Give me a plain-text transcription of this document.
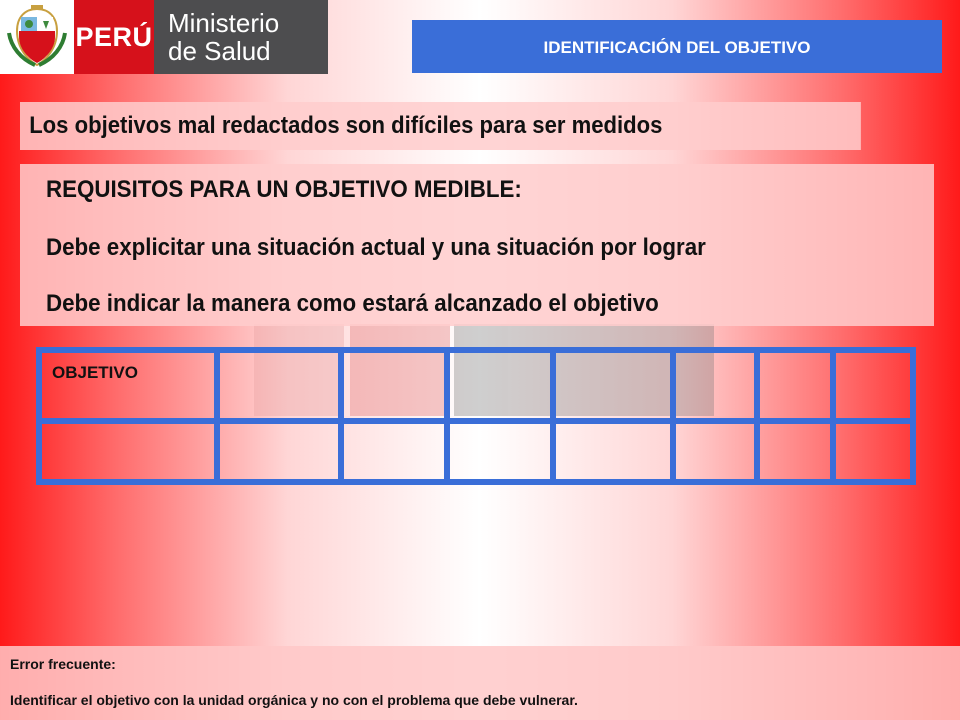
PERÚ Ministerio
de Salud	IDENTIFICACIÓN DEL OBJETIVO
Los objetivos mal redactados son difíciles para ser medidos
REQUISITOS PARA UN OBJETIVO MEDIBLE:
Debe explicitar una situación actual y una situación por lograr
Debe indicar la manera como estará alcanzado el objetivo
OBJETIVO							

Error frecuente:
Identificar el objetivo con la unidad orgánica y no con el problema que debe vulnerar.
